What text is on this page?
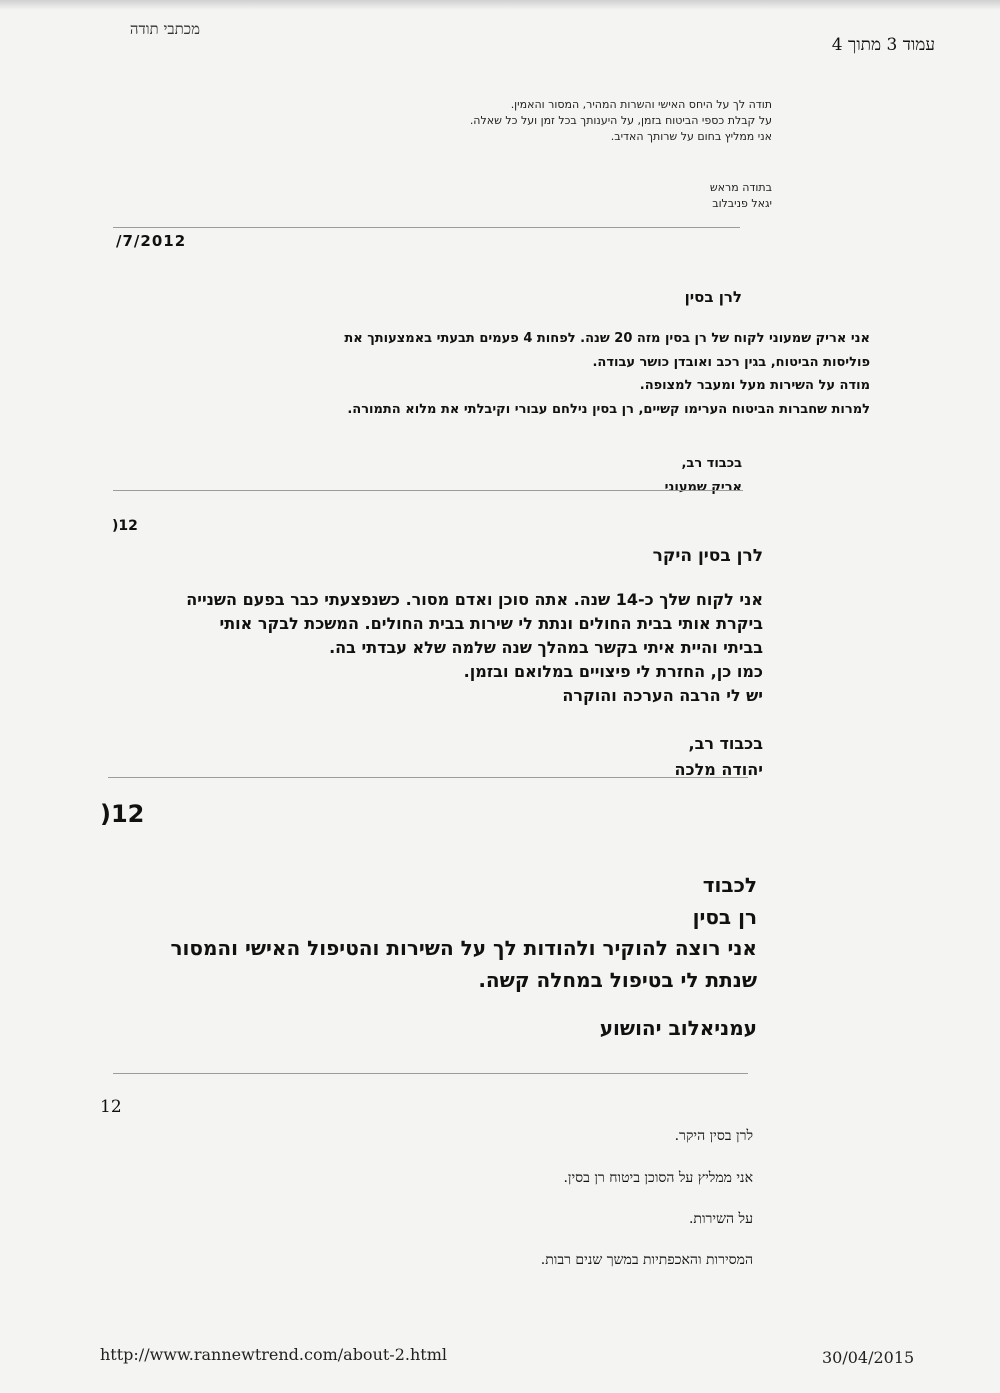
מכתבי תודה
עמוד 3 מתוך 4
תודה לך על היחס האישי והשרות המהיר, המסור והאמין.
על קבלת כספי הביטוח בזמן, על היענותך בכל זמן ועל כל שאלה.
אני ממליץ בחום על שרותך האדיב.
בתודה מראש
יגאל פניבלוב
/7/2012
לרן בסין
אני אריק שמעוני לקוח של רן בסין מזה 20 שנה. לפחות 4 פעמים תבעתי באמצעותך את
פוליסות הביטוח, בגין רכב ואובדן כושר עבודה.
מודה על השירות מעל ומעבר למצופה.
למרות שחברות הביטוח הערימו קשיים, רן בסין נילחם עבורי וקיבלתי את מלוא התמורה.
בכבוד רב,
אריק שמעוני
)12
לרן בסין היקר
אני לקוח שלך כ-14 שנה. אתה סוכן ואדם מסור. כשנפצעתי כבר בפעם השנייה
ביקרת אותי בבית החולים ונתת לי שירות בבית החולים. המשכת לבקר אותי
בביתי והיית איתי בקשר במהלך שנה שלמה שלא עבדתי בה.
כמו כן, החזרת לי פיצויים במלואם ובזמן.
יש לי הרבה הערכה והוקרה
בכבוד רב,
יהודה מלכה
)12
לכבוד
רן בסין
אני רוצה להוקיר ולהודות לך על השירות והטיפול האישי והמסור
שנתת לי בטיפול במחלה קשה.
עמניאלוב יהושוע
12
לרן בסין היקר.
אני ממליץ על הסוכן ביטוח רן בסין.
על השירות.
המסירות והאכפתיות במשך שנים רבות.
http://www.rannewtrend.com/about-2.html	30/04/2015
